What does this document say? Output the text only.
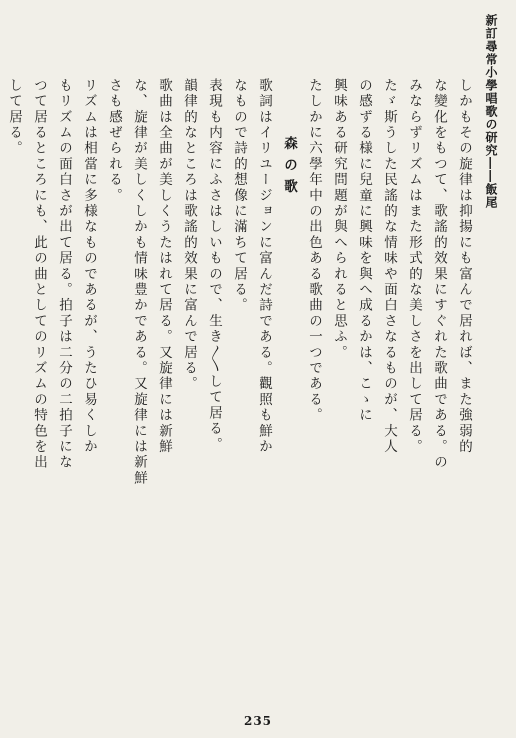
新訂尋常小學唱歌の研究――飯尾
しかもその旋律は抑揚にも富んで居れば、また強弱的
な變化をもつて、歌謠的效果にすぐれた歌曲である。の
みならずリズムはまた形式的な美しさを出して居る。
たゞ斯うした民謠的な情味や面白さなるものが、大人
の感ずる様に兒童に興味を與へ成るかは、こゝに
興味ある研究問題が與へられると思ふ。
たしかに六學年中の出色ある歌曲の一つである。
森の歌
歌詞はイリユージョンに富んだ詩である。觀照も鮮か
なもので詩的想像に滿ちて居る。
表現も内容にふさはしいもので、生き〳〵して居る。
韻律的なところは歌謠的效果に富んで居る。
歌曲は全曲が美しくうたはれて居る。又旋律には新鮮
な、旋律が美しくしかも情味豊かである。又旋律には新鮮
さも感ぜられる。
リズムは相當に多様なものであるが、うたひ易くしか
もリズムの面白さが出て居る。拍子は二分の二拍子にな
つて居るところにも、此の曲としてのリズムの特色を出
して居る。
235
